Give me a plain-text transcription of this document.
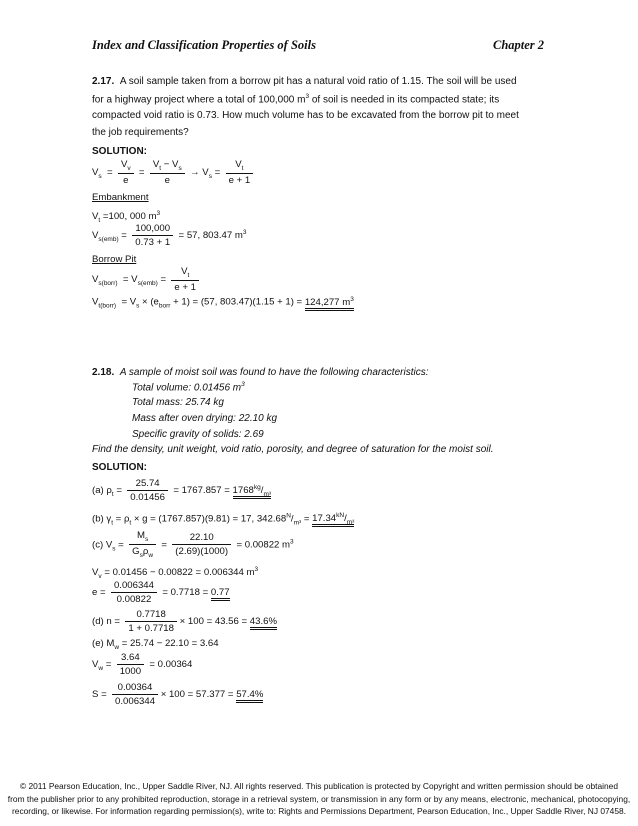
Index and Classification Properties of Soils	Chapter 2
2.17. A soil sample taken from a borrow pit has a natural void ratio of 1.15. The soil will be used
for a highway project where a total of 100,000 $m^3$ of soil is needed in its compacted state; its
compacted void ratio is 0.73. How much volume has to be excavated from the borrow pit to meet
the job requirements?
SOLUTION:
$V_s = \frac{V_v}{e} = \frac{V_t - V_s}{e} \to V_s = \frac{V_t}{e + 1}$
Embankment
$V_t =100$, 000 $m^3$
$V_{s(emb)} = \frac{100,000}{0.73 + 1} = 57$, 803.47 $m^3$
Borrow Pit
$V_{s(borr)} = V_{s(emb)} = \frac{V_t}{e + 1}$
$V_{t(borr)} = V_s \times (e_{borr} + 1) = (57$, 803.47)(1.15 + 1) = 124,277 $m^3$
2.18. A sample of moist soil was found to have the following characteristics:
Total volume: 0.01456 $m^3$
Total mass: 25.74 kg
Mass after oven drying: 22.10 kg
Specific gravity of solids: 2.69
Find the density, unit weight, void ratio, porosity, and degree of saturation for the moist soil.
SOLUTION:
(a) $\rho_t = \frac{25.74}{0.01456} = 1767.857 = 1768^{kg}/_{m^3}$
(b) $\gamma_t = \rho_t \times g = (1767.857)(9.81) = 17$, $342.68^N/_{m^3} = 17.34^{kN}/_{m^3}$
(c) $V_s = \frac{M_s}{G_s\rho_w} = \frac{22.10}{(2.69)(1000)} = 0.00822$ $m^3$
$V_v = 0.01456 - 0.00822 = 0.006344$ $m^3$
$e = \frac{0.006344}{0.00822} = 0.7718 = 0.77$
(d) $n = \frac{0.7718}{1 + 0.7718} \times 100 = 43.56 = 43.6\%$
(e) $M_w = 25.74 - 22.10 = 3.64$
$V_w = \frac{3.64}{1000} = 0.00364$
$S = \frac{0.00364}{0.006344} \times 100 = 57.377 = 57.4\%$
© 2011 Pearson Education, Inc., Upper Saddle River, NJ. All rights reserved. This publication is protected by Copyright and written permission should be obtained
from the publisher prior to any prohibited reproduction, storage in a retrieval system, or transmission in any form or by any means, electronic, mechanical, photocopying,
recording, or likewise. For information regarding permission(s), write to: Rights and Permissions Department, Pearson Education, Inc., Upper Saddle River, NJ 07458.
